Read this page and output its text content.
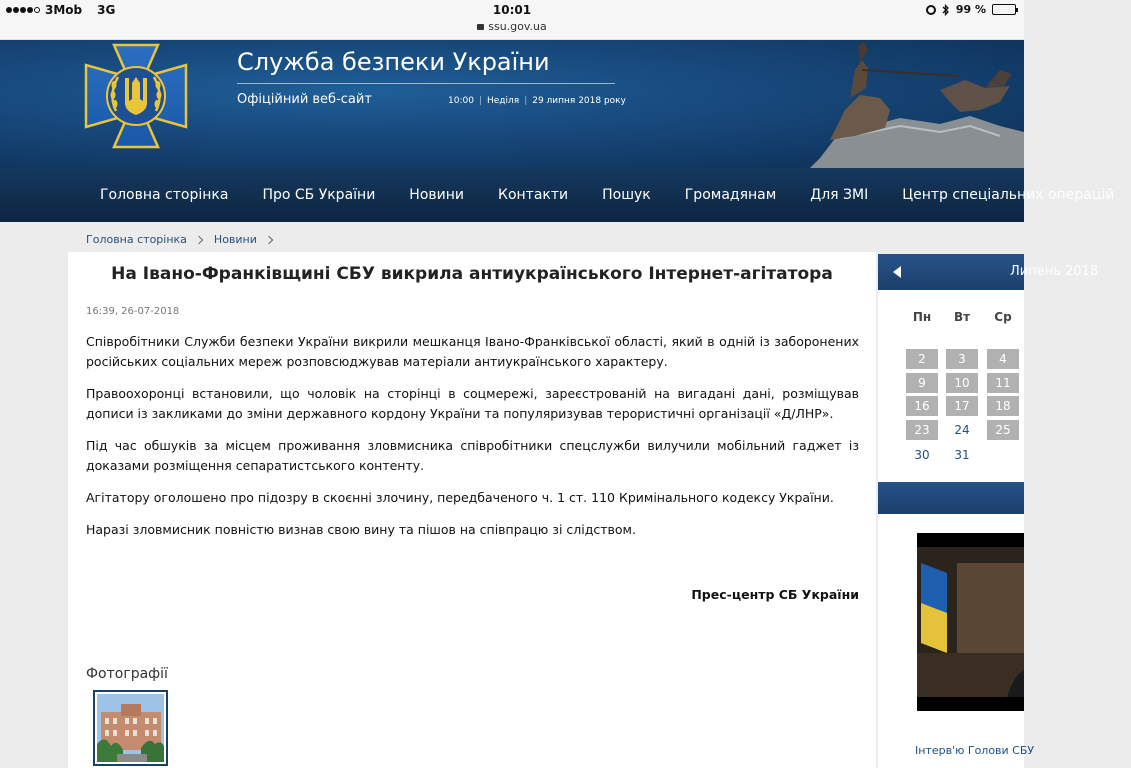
3Mob 3G	10:01
ssu.gov.ua
99 %
Служба безпеки України
Офіційний веб-сайт	10:00 | Неділя | 29 липня 2018 року
Головна сторінка	Про СБ України	Новини	Контакти	Пошук	Громадянам	Для ЗМІ	Центр спеціальних операцій
Головна сторінка Новини
На Івано-Франківщині СБУ викрила антиукраїнського Інтернет-агітатора
16:39, 26-07-2018

Співробітники Служби безпеки України викрили мешканця Івано-Франківської області, який в одній із заборонених російських соціальних мереж розповсюджував матеріали антиукраїнського характеру.

Правоохоронці встановили, що чоловік на сторінці в соцмережі, зареєстрованій на вигадані дані, розміщував дописи із закликами до зміни державного кордону України та популяризував терористичні організації «Д/ЛНР».

Під час обшуків за місцем проживання зловмисника співробітники спецслужби вилучили мобільний гаджет із доказами розміщення сепаратистського контенту.

Агітатору оголошено про підозру в скоєнні злочину, передбаченого ч. 1 ст. 110 Кримінального кодексу України.

Наразі зловмисник повністю визнав свою вину та пішов на співпрацю зі слідством.

Прес-центр СБ України
Фотографії
Липень 2018
Пн	Вт	Ср
2	3	4
9	10	11
16	17	18
23	24	25
30	31
Інтерв'ю Голови СБУ
